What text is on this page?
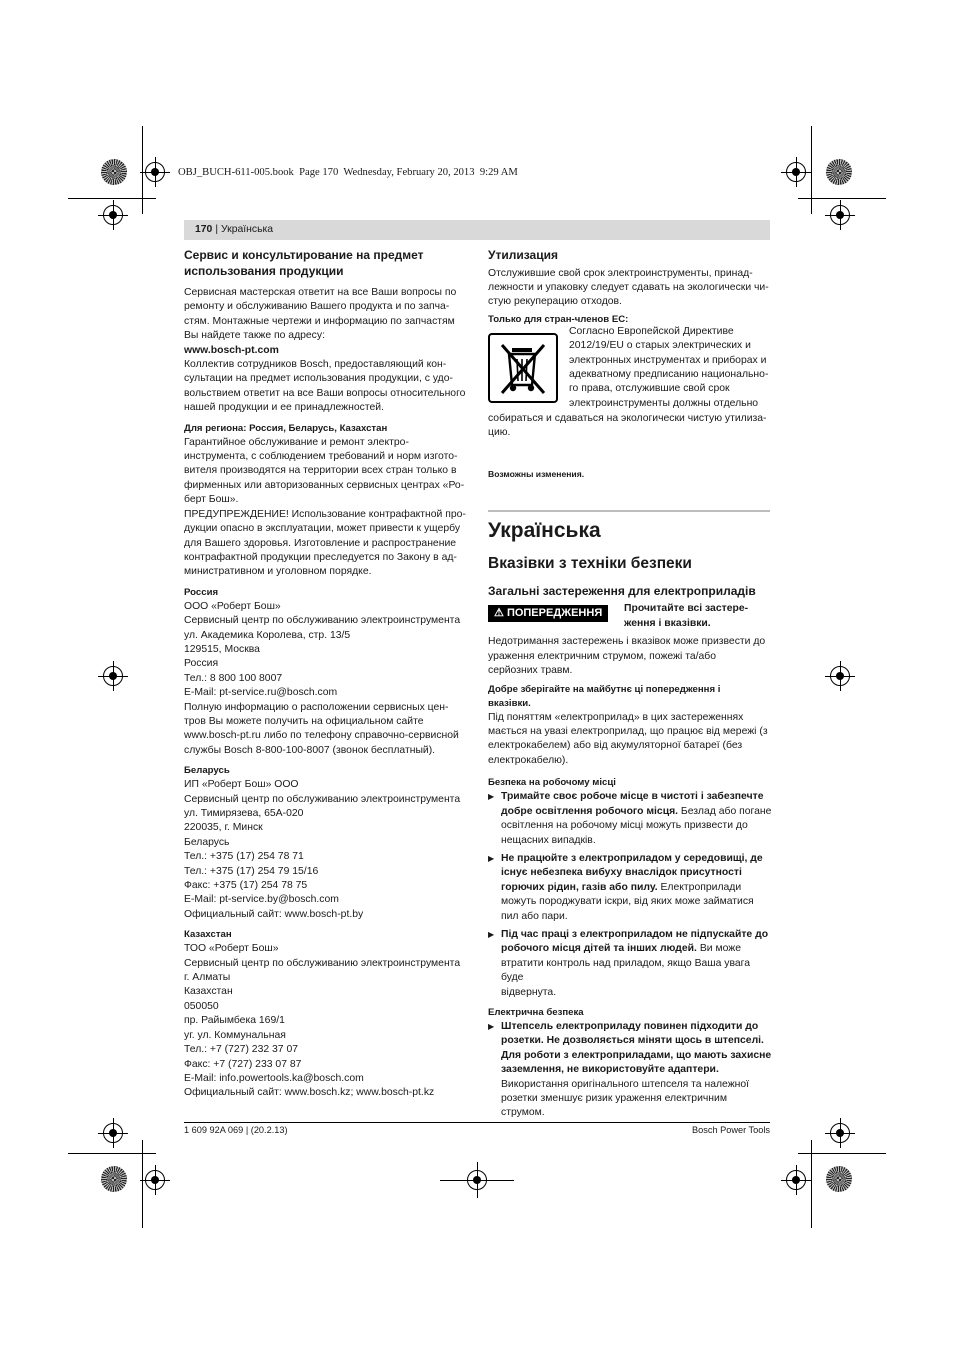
OBJ_BUCH-611-005.book  Page 170  Wednesday, February 20, 2013  9:29 AM
170 | Українська

Сервис и консультирование на предмет использования продукции

Сервисная мастерская ответит на все Ваши вопросы по
ремонту и обслуживанию Вашего продукта и по запча-
стям. Монтажные чертежи и информацию по запчастям
Вы найдете также по адресу:

www.bosch-pt.com

Коллектив сотрудников Bosch, предоставляющий кон-
сультации на предмет использования продукции, с удо-
вольствием ответит на все Ваши вопросы относительного
нашей продукции и ее принадлежностей.

Для региона: Россия, Беларусь, Казахстан

Гарантийное обслуживание и ремонт электро-
инструмента, с соблюдением требований и норм изгото-
вителя производятся на территории всех стран только в
фирменных или авторизованных сервисных центрах «Ро-
берт Бош».
ПРЕДУПРЕЖДЕНИЕ! Использование контрафактной про-
дукции опасно в эксплуатации, может привести к ущербу
для Вашего здоровья. Изготовление и распространение
контрафактной продукции преследуется по Закону в ад-
министративном и уголовном порядке.

Россия

ООО «Роберт Бош»
Сервисный центр по обслуживанию электроинструмента
ул. Академика Королева, стр. 13/5
129515, Москва
Россия
Тел.: 8 800 100 8007
E-Mail: pt-service.ru@bosch.com
Полную информацию о расположении сервисных цен-
тров Вы можете получить на официальном сайте
www.bosch-pt.ru либо по телефону справочно-сервисной
службы Bosch 8-800-100-8007 (звонок бесплатный).

Беларусь

ИП «Роберт Бош» ООО
Сервисный центр по обслуживанию электроинструмента
ул. Тимирязева, 65А-020
220035, г. Минск
Беларусь
Тел.: +375 (17) 254 78 71
Тел.: +375 (17) 254 79 15/16
Факс: +375 (17) 254 78 75
E-Mail: pt-service.by@bosch.com
Официальный сайт: www.bosch-pt.by

Казахстан

ТОО «Роберт Бош»
Сервисный центр по обслуживанию электроинструмента
г. Алматы
Казахстан
050050
пр. Райымбека 169/1
уг. ул. Коммунальная
Тел.: +7 (727) 232 37 07
Факс: +7 (727) 233 07 87
E-Mail: info.powertools.ka@bosch.com
Официальный сайт: www.bosch.kz; www.bosch-pt.kz

Утилизация

Отслужившие свой срок электроинструменты, принад-
лежности и упаковку следует сдавать на экологически чи-
стую рекуперацию отходов.

Только для стран-членов ЕС:

Согласно Европейской Директиве
2012/19/EU о старых электрических и
электронных инструментах и приборах и
адекватному предписанию национально-
го права, отслужившие свой срок
электроинструменты должны отдельно
собираться и сдаваться на экологически чистую утилиза-
цию.

Возможны изменения.

Українська

Вказівки з техніки безпеки

Загальні застереження для електроприладів

⚠ ПОПЕРЕДЖЕННЯ Прочитайте всі застере-
ження і вказівки.
Недотримання застережень і вказівок може призвести до
ураження електричним струмом, пожежі та/або
серйозних травм.
Добре зберігайте на майбутнє ці попередження і
вказівки.
Під поняттям «електроприлад» в цих застереженнях
мається на увазі електроприлад, що працює від мережі (з
електрокабелем) або від акумуляторної батареї (без
електрокабелю).

Безпека на робочому місці

▶ Тримайте своє робоче місце в чистоті і забезпечте
добре освітлення робочого місця. Безлад або погане
освітлення на робочому місці можуть призвести до
нещасних випадків.
▶ Не працюйте з електроприладом у середовищі, де
існує небезпека вибуху внаслідок присутності
горючих рідин, газів або пилу. Електроприлади
можуть породжувати іскри, від яких може займатися
пил або пари.
▶ Під час праці з електроприладом не підпускайте до
робочого місця дітей та інших людей. Ви може
втратити контроль над приладом, якщо Ваша увага буде
відвернута.

Електрична безпека

▶ Штепсель електроприладу повинен підходити до
розетки. Не дозволяється міняти щось в штепселі.
Для роботи з електроприладами, що мають захисне
заземлення, не використовуйте адаптери.
Використання оригінального штепселя та належної
розетки зменшує ризик ураження електричним
струмом.
1 609 92A 069 | (20.2.13)	Bosch Power Tools
